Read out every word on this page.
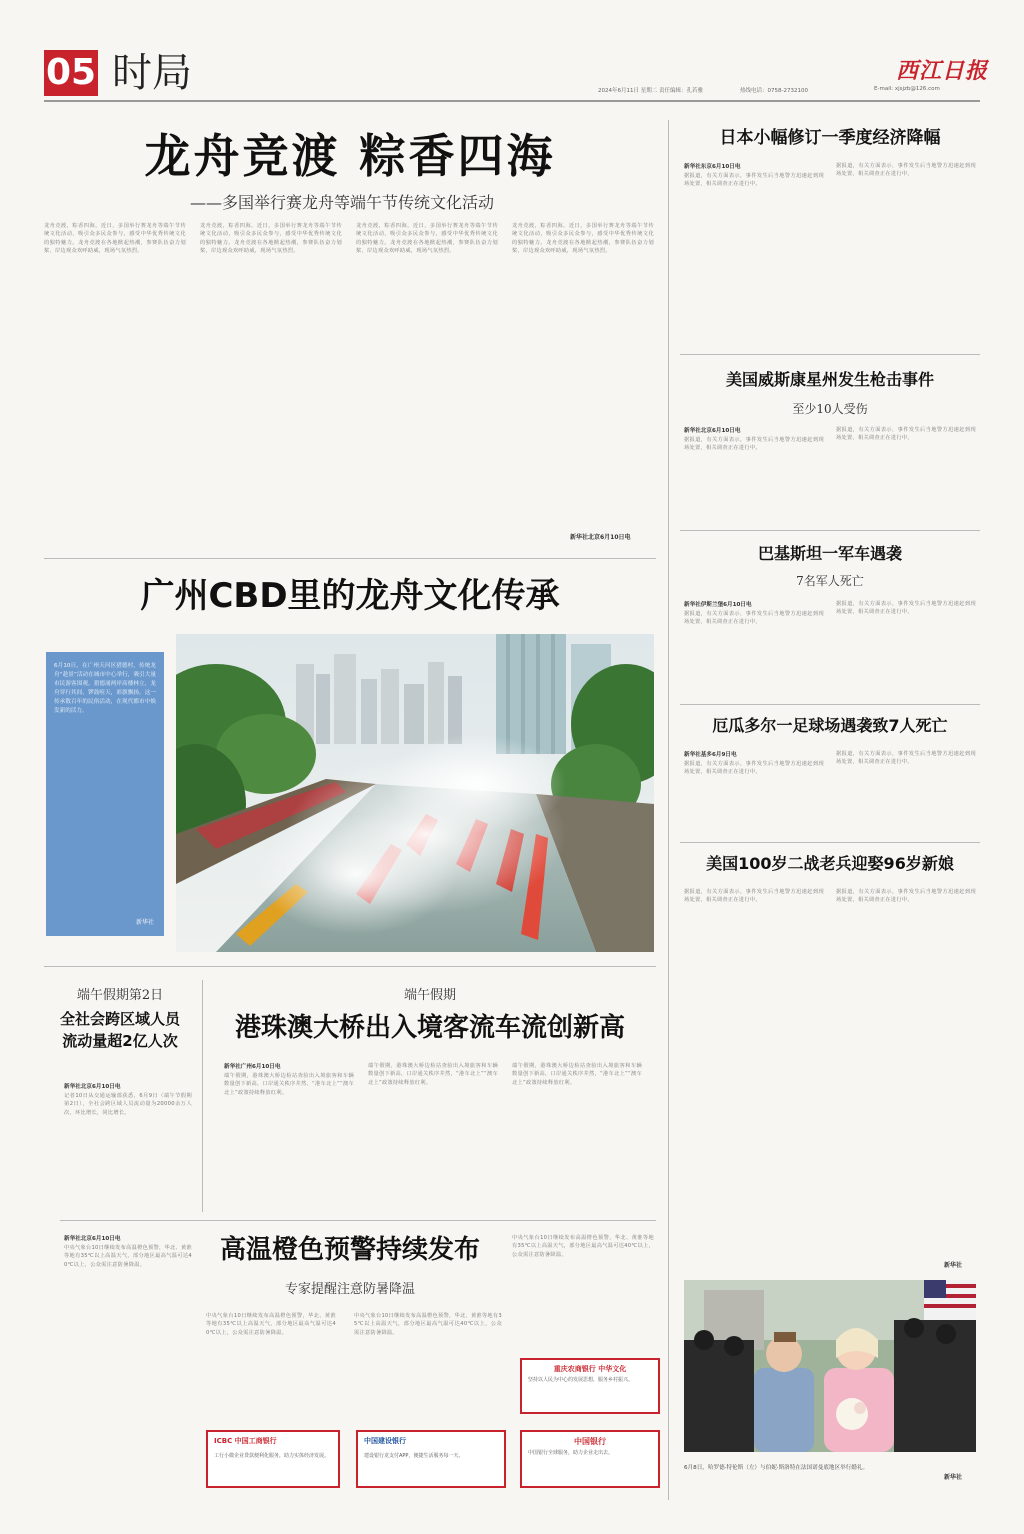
05 时局	2024年6月11日 星期二 责任编辑：孔若雅	热线电话：0758-2732100	E-mail: xjsjzb@126.com
西江日报
龙舟竞渡 粽香四海
——多国举行赛龙舟等端午节传统文化活动
龙舟竞渡，粽香四海。近日，多国举行赛龙舟等端午节传统文化活动，吸引众多民众参与，感受中华优秀传统文化的独特魅力。龙舟竞渡在各地掀起热潮，参赛队伍奋力划桨，岸边观众欢呼助威，现场气氛热烈。
龙舟竞渡，粽香四海。近日，多国举行赛龙舟等端午节传统文化活动，吸引众多民众参与，感受中华优秀传统文化的独特魅力。龙舟竞渡在各地掀起热潮，参赛队伍奋力划桨，岸边观众欢呼助威，现场气氛热烈。
龙舟竞渡，粽香四海。近日，多国举行赛龙舟等端午节传统文化活动，吸引众多民众参与，感受中华优秀传统文化的独特魅力。龙舟竞渡在各地掀起热潮，参赛队伍奋力划桨，岸边观众欢呼助威，现场气氛热烈。
龙舟竞渡，粽香四海。近日，多国举行赛龙舟等端午节传统文化活动，吸引众多民众参与，感受中华优秀传统文化的独特魅力。龙舟竞渡在各地掀起热潮，参赛队伍奋力划桨，岸边观众欢呼助威，现场气氛热烈。
新华社北京6月10日电
广州CBD里的龙舟文化传承
6月10日，在广州天河区猎德村，传统龙舟“趁景”活动在城市中心举行，吸引大量市民游客围观。猎德涌两岸高楼林立，龙舟穿行其间，锣鼓喧天，彩旗飘扬。这一传承数百年的民俗活动，在现代都市中焕发新的活力。
新华社
端午假期第2日
全社会跨区域人员流动量超2亿人次
新华社北京6月10日电
记者10日从交通运输部获悉，6月9日（端午节假期第2日），全社会跨区域人员流动量为20000余万人次，环比增长，同比增长。
端午假期
港珠澳大桥出入境客流车流创新高
新华社广州6月10日电
端午假期，港珠澳大桥边检站查验出入境旅客和车辆数量创下新高，口岸通关秩序井然，“港车北上”“澳车北上”政策持续释放红利。
端午假期，港珠澳大桥边检站查验出入境旅客和车辆数量创下新高，口岸通关秩序井然，“港车北上”“澳车北上”政策持续释放红利。
端午假期，港珠澳大桥边检站查验出入境旅客和车辆数量创下新高，口岸通关秩序井然，“港车北上”“澳车北上”政策持续释放红利。
新华社北京6月10日电
中央气象台10日继续发布高温橙色预警，华北、黄淮等地有35℃以上高温天气，部分地区最高气温可达40℃以上，公众需注意防暑降温。	高温橙色预警持续发布
专家提醒注意防暑降温
中央气象台10日继续发布高温橙色预警，华北、黄淮等地有35℃以上高温天气，部分地区最高气温可达40℃以上，公众需注意防暑降温。
中央气象台10日继续发布高温橙色预警，华北、黄淮等地有35℃以上高温天气，部分地区最高气温可达40℃以上，公众需注意防暑降温。
中央气象台10日继续发布高温橙色预警，华北、黄淮等地有35℃以上高温天气，部分地区最高气温可达40℃以上，公众需注意防暑降温。
重庆农商银行 中华文化
坚持以人民为中心的发展思想，服务乡村振兴。
ICBC 中国工商银行
工行小微企业贷款便利化服务，助力实体经济发展。
中国建设银行
建设银行龙支付APP，便捷生活服务每一天。
中国银行
中国银行全球服务，助力企业走出去。
日本小幅修订一季度经济降幅
新华社东京6月10日电
据报道，有关方面表示，事件发生后当地警方迅速赶到现场处置，相关调查正在进行中。
据报道，有关方面表示，事件发生后当地警方迅速赶到现场处置，相关调查正在进行中。
美国威斯康星州发生枪击事件
至少10人受伤
新华社北京6月10日电
据报道，有关方面表示，事件发生后当地警方迅速赶到现场处置，相关调查正在进行中。
据报道，有关方面表示，事件发生后当地警方迅速赶到现场处置，相关调查正在进行中。
巴基斯坦一军车遇袭
7名军人死亡
新华社伊斯兰堡6月10日电
据报道，有关方面表示，事件发生后当地警方迅速赶到现场处置，相关调查正在进行中。
据报道，有关方面表示，事件发生后当地警方迅速赶到现场处置，相关调查正在进行中。
厄瓜多尔一足球场遇袭致7人死亡
新华社基多6月9日电
据报道，有关方面表示，事件发生后当地警方迅速赶到现场处置，相关调查正在进行中。
据报道，有关方面表示，事件发生后当地警方迅速赶到现场处置，相关调查正在进行中。
美国100岁二战老兵迎娶96岁新娘
据报道，有关方面表示，事件发生后当地警方迅速赶到现场处置，相关调查正在进行中。
据报道，有关方面表示，事件发生后当地警方迅速赶到现场处置，相关调查正在进行中。
新华社
6月8日，哈罗德·特伦斯（左）与伯妮·斯洛特在法国诺曼底地区举行婚礼。
新华社
